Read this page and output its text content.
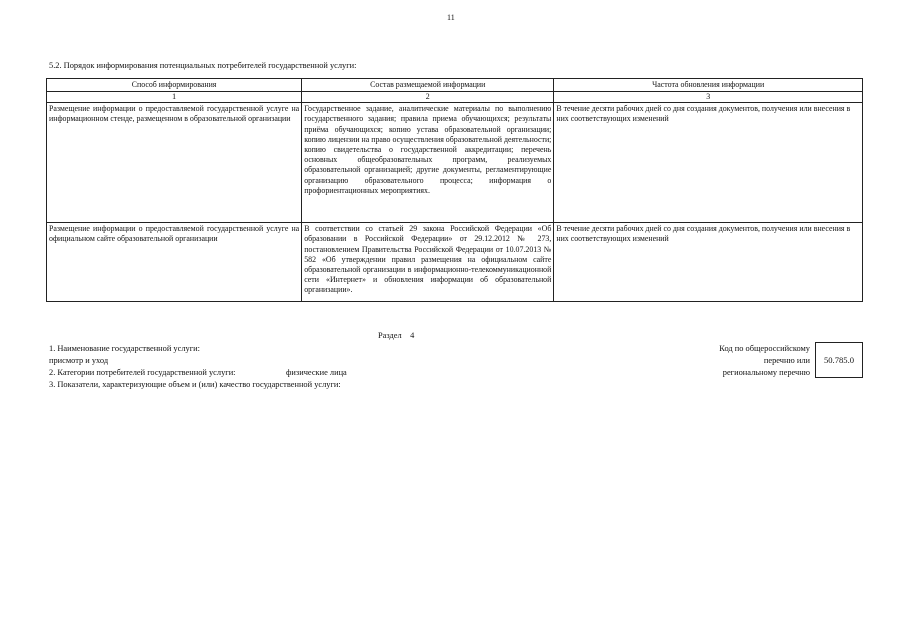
11
5.2. Порядок информирования потенциальных потребителей государственной услуги:
Способ информирования	Состав размещаемой информации	Частота обновления информации
1	2	3
Размещение информации о предоставляемой государственной услуге на информационном стенде, размещенном в образовательной организации	Государственное задание, аналитические материалы по выполнению государственного задания; правила приема обучающихся; результаты приёма обучающихся; копию устава образовательной организации; копию лицензии на право осуществления образовательной деятельности; копию свидетельства о государственной аккредитации; перечень основных общеобразовательных программ, реализуемых образовательной организацией; другие документы, регламентирующие организацию образовательного процесса; информация о профориентационных мероприятиях.	В течение десяти рабочих дней со дня создания документов, получения или внесения в них соответствующих изменений
Размещение информации о предоставляемой государственной услуге на официальном сайте образовательной организации	В соответствии со статьей 29 закона Российской Федерации «Об образовании в Российской Федерации» от 29.12.2012 № 273, постановлением Правительства Российской Федерации от 10.07.2013 № 582 «Об утверждении правил размещения на официальном сайте образовательной организации в информационно-телекоммуникационной сети «Интернет» и обновления информации об образовательной организации».	В течение десяти рабочих дней со дня создания документов, получения или внесения в них соответствующих изменений
Раздел 4
1. Наименование государственной услуги:
присмотр и уход
2. Категории потребителей государственной услуги:	физические лица
3. Показатели, характеризующие объем и (или) качество государственной услуги:
Код по общероссийскому
перечню или
региональному перечню
50.785.0
